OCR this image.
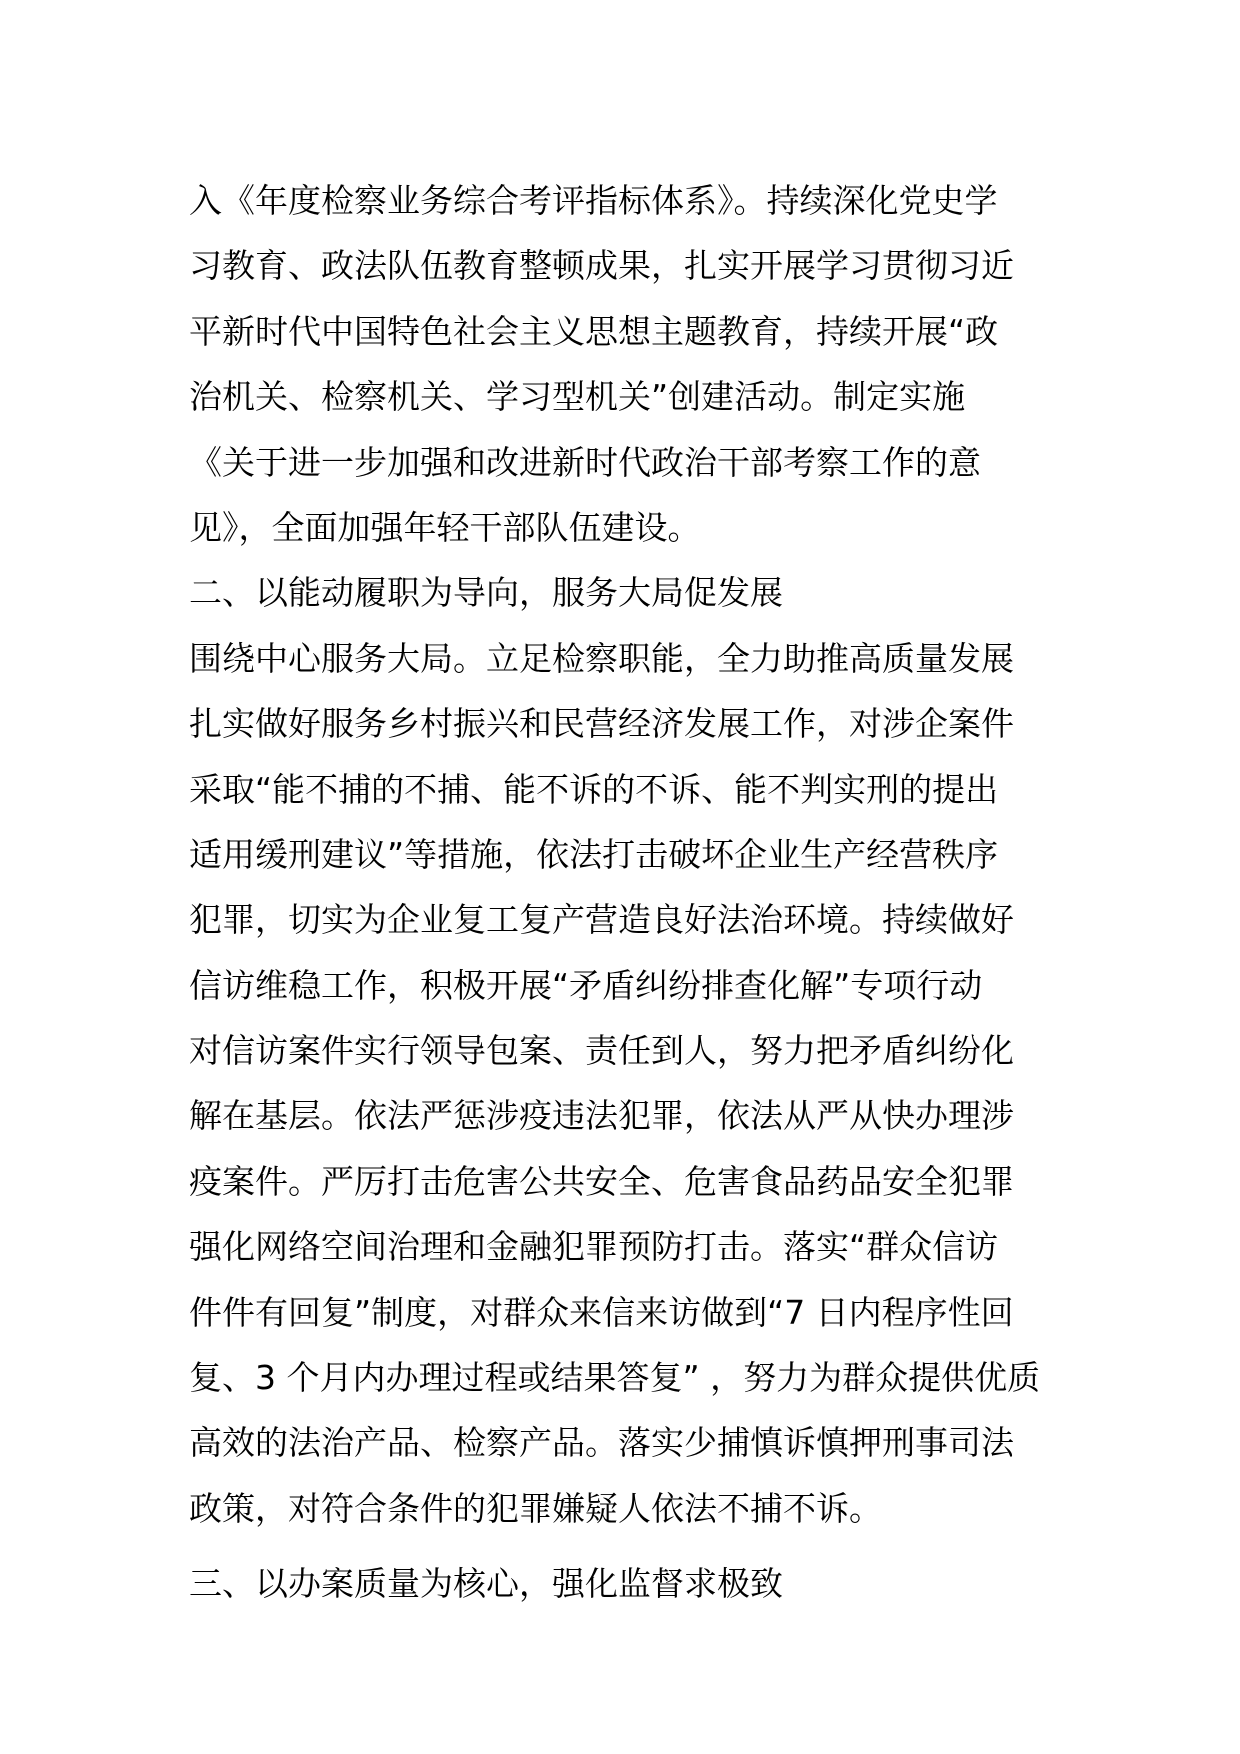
入《年度检察业务综合考评指标体系》。持续深化党史学
习教育、政法队伍教育整顿成果，扎实开展学习贯彻习近
平新时代中国特色社会主义思想主题教育，持续开展“政
治机关、检察机关、学习型机关”创建活动。制定实施
《关于进一步加强和改进新时代政治干部考察工作的意
见》，全面加强年轻干部队伍建设。
二、以能动履职为导向，服务大局促发展
围绕中心服务大局。立足检察职能，全力助推高质量发展
扎实做好服务乡村振兴和民营经济发展工作，对涉企案件
采取“能不捕的不捕、能不诉的不诉、能不判实刑的提出
适用缓刑建议”等措施，依法打击破坏企业生产经营秩序
犯罪，切实为企业复工复产营造良好法治环境。持续做好
信访维稳工作，积极开展“矛盾纠纷排查化解”专项行动
对信访案件实行领导包案、责任到人，努力把矛盾纠纷化
解在基层。依法严惩涉疫违法犯罪，依法从严从快办理涉
疫案件。严厉打击危害公共安全、危害食品药品安全犯罪
强化网络空间治理和金融犯罪预防打击。落实“群众信访
件件有回复”制度，对群众来信来访做到“7 日内程序性回
复、3 个月内办理过程或结果答复” ，努力为群众提供优质
高效的法治产品、检察产品。落实少捕慎诉慎押刑事司法
政策，对符合条件的犯罪嫌疑人依法不捕不诉。
三、以办案质量为核心，强化监督求极致
